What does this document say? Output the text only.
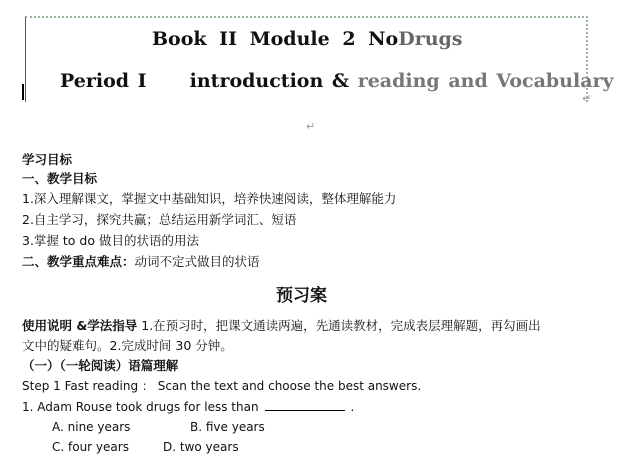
Book II Module 2 NoDrugs
Period Ⅰ introduction & reading and Vocabulary
↵
↵
学习目标
一、教学目标
1.深入理解课文，掌握文中基础知识，培养快速阅读，整体理解能力
2.自主学习，探究共赢；总结运用新学词汇、短语
3.掌握 to do 做目的状语的用法
二、教学重点难点：动词不定式做目的状语
预习案
使用说明 &学法指导 1.在预习时，把课文通读两遍，先通读教材，完成表层理解题，再勾画出
文中的疑难句。2.完成时间 30 分钟。
（一）（一轮阅读）语篇理解
Step 1 Fast reading ： Scan the text and choose the best answers.
1. Adam Rouse took drugs for less than	.
A. nine years	B. five years
C. four years	D. two years
